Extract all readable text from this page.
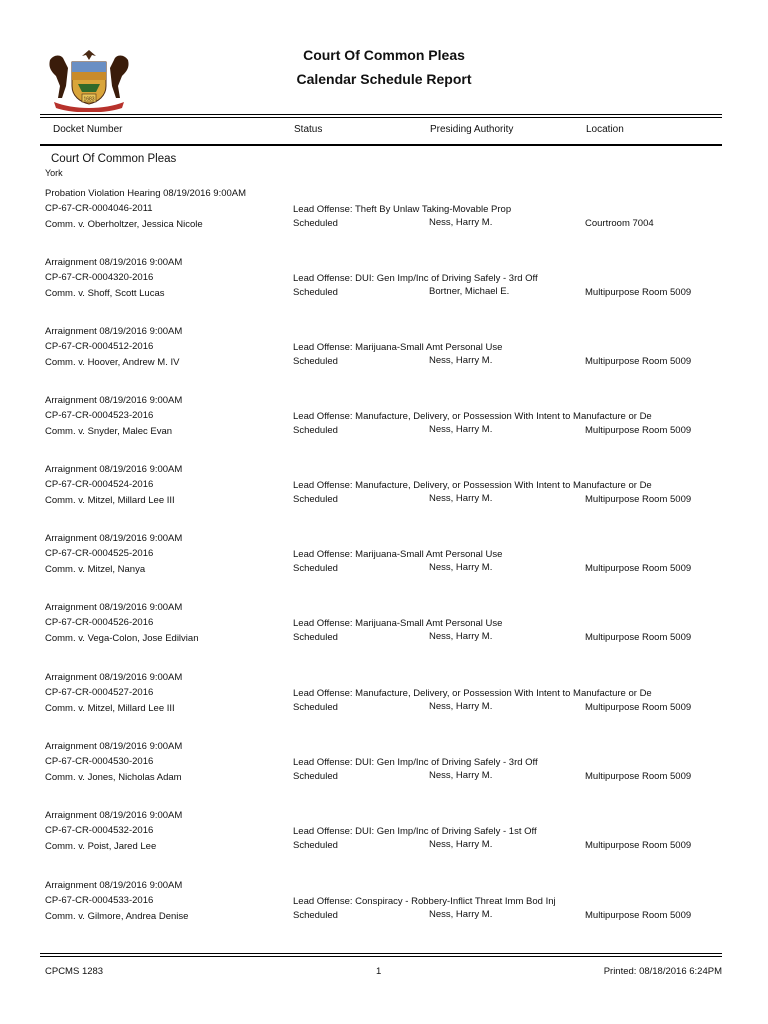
1683
Court Of Common Pleas
Calendar Schedule Report
Docket Number	Status	Presiding Authority	Location
Court Of Common Pleas
York
Probation Violation Hearing 08/19/2016 9:00AM
CP-67-CR-0004046-2011
Comm. v. Oberholtzer, Jessica Nicole
Lead Offense: Theft By Unlaw Taking-Movable Prop
Scheduled	Ness, Harry M.	Courtroom 7004
Arraignment 08/19/2016 9:00AM
CP-67-CR-0004320-2016
Comm. v. Shoff, Scott Lucas
Lead Offense: DUI: Gen Imp/Inc of Driving Safely - 3rd Off
Scheduled	Bortner, Michael E.	Multipurpose Room 5009
Arraignment 08/19/2016 9:00AM
CP-67-CR-0004512-2016
Comm. v. Hoover, Andrew M. IV
Lead Offense: Marijuana-Small Amt Personal Use
Scheduled	Ness, Harry M.	Multipurpose Room 5009
Arraignment 08/19/2016 9:00AM
CP-67-CR-0004523-2016
Comm. v. Snyder, Malec Evan
Lead Offense: Manufacture, Delivery, or Possession With Intent to Manufacture or De
Scheduled	Ness, Harry M.	Multipurpose Room 5009
Arraignment 08/19/2016 9:00AM
CP-67-CR-0004524-2016
Comm. v. Mitzel, Millard Lee III
Lead Offense: Manufacture, Delivery, or Possession With Intent to Manufacture or De
Scheduled	Ness, Harry M.	Multipurpose Room 5009
Arraignment 08/19/2016 9:00AM
CP-67-CR-0004525-2016
Comm. v. Mitzel, Nanya
Lead Offense: Marijuana-Small Amt Personal Use
Scheduled	Ness, Harry M.	Multipurpose Room 5009
Arraignment 08/19/2016 9:00AM
CP-67-CR-0004526-2016
Comm. v. Vega-Colon, Jose Edilvian
Lead Offense: Marijuana-Small Amt Personal Use
Scheduled	Ness, Harry M.	Multipurpose Room 5009
Arraignment 08/19/2016 9:00AM
CP-67-CR-0004527-2016
Comm. v. Mitzel, Millard Lee III
Lead Offense: Manufacture, Delivery, or Possession With Intent to Manufacture or De
Scheduled	Ness, Harry M.	Multipurpose Room 5009
Arraignment 08/19/2016 9:00AM
CP-67-CR-0004530-2016
Comm. v. Jones, Nicholas Adam
Lead Offense: DUI: Gen Imp/Inc of Driving Safely - 3rd Off
Scheduled	Ness, Harry M.	Multipurpose Room 5009
Arraignment 08/19/2016 9:00AM
CP-67-CR-0004532-2016
Comm. v. Poist, Jared Lee
Lead Offense: DUI: Gen Imp/Inc of Driving Safely - 1st Off
Scheduled	Ness, Harry M.	Multipurpose Room 5009
Arraignment 08/19/2016 9:00AM
CP-67-CR-0004533-2016
Comm. v. Gilmore, Andrea Denise
Lead Offense: Conspiracy - Robbery-Inflict Threat Imm Bod Inj
Scheduled	Ness, Harry M.	Multipurpose Room 5009
CPCMS 1283	1	Printed: 08/18/2016 6:24PM
